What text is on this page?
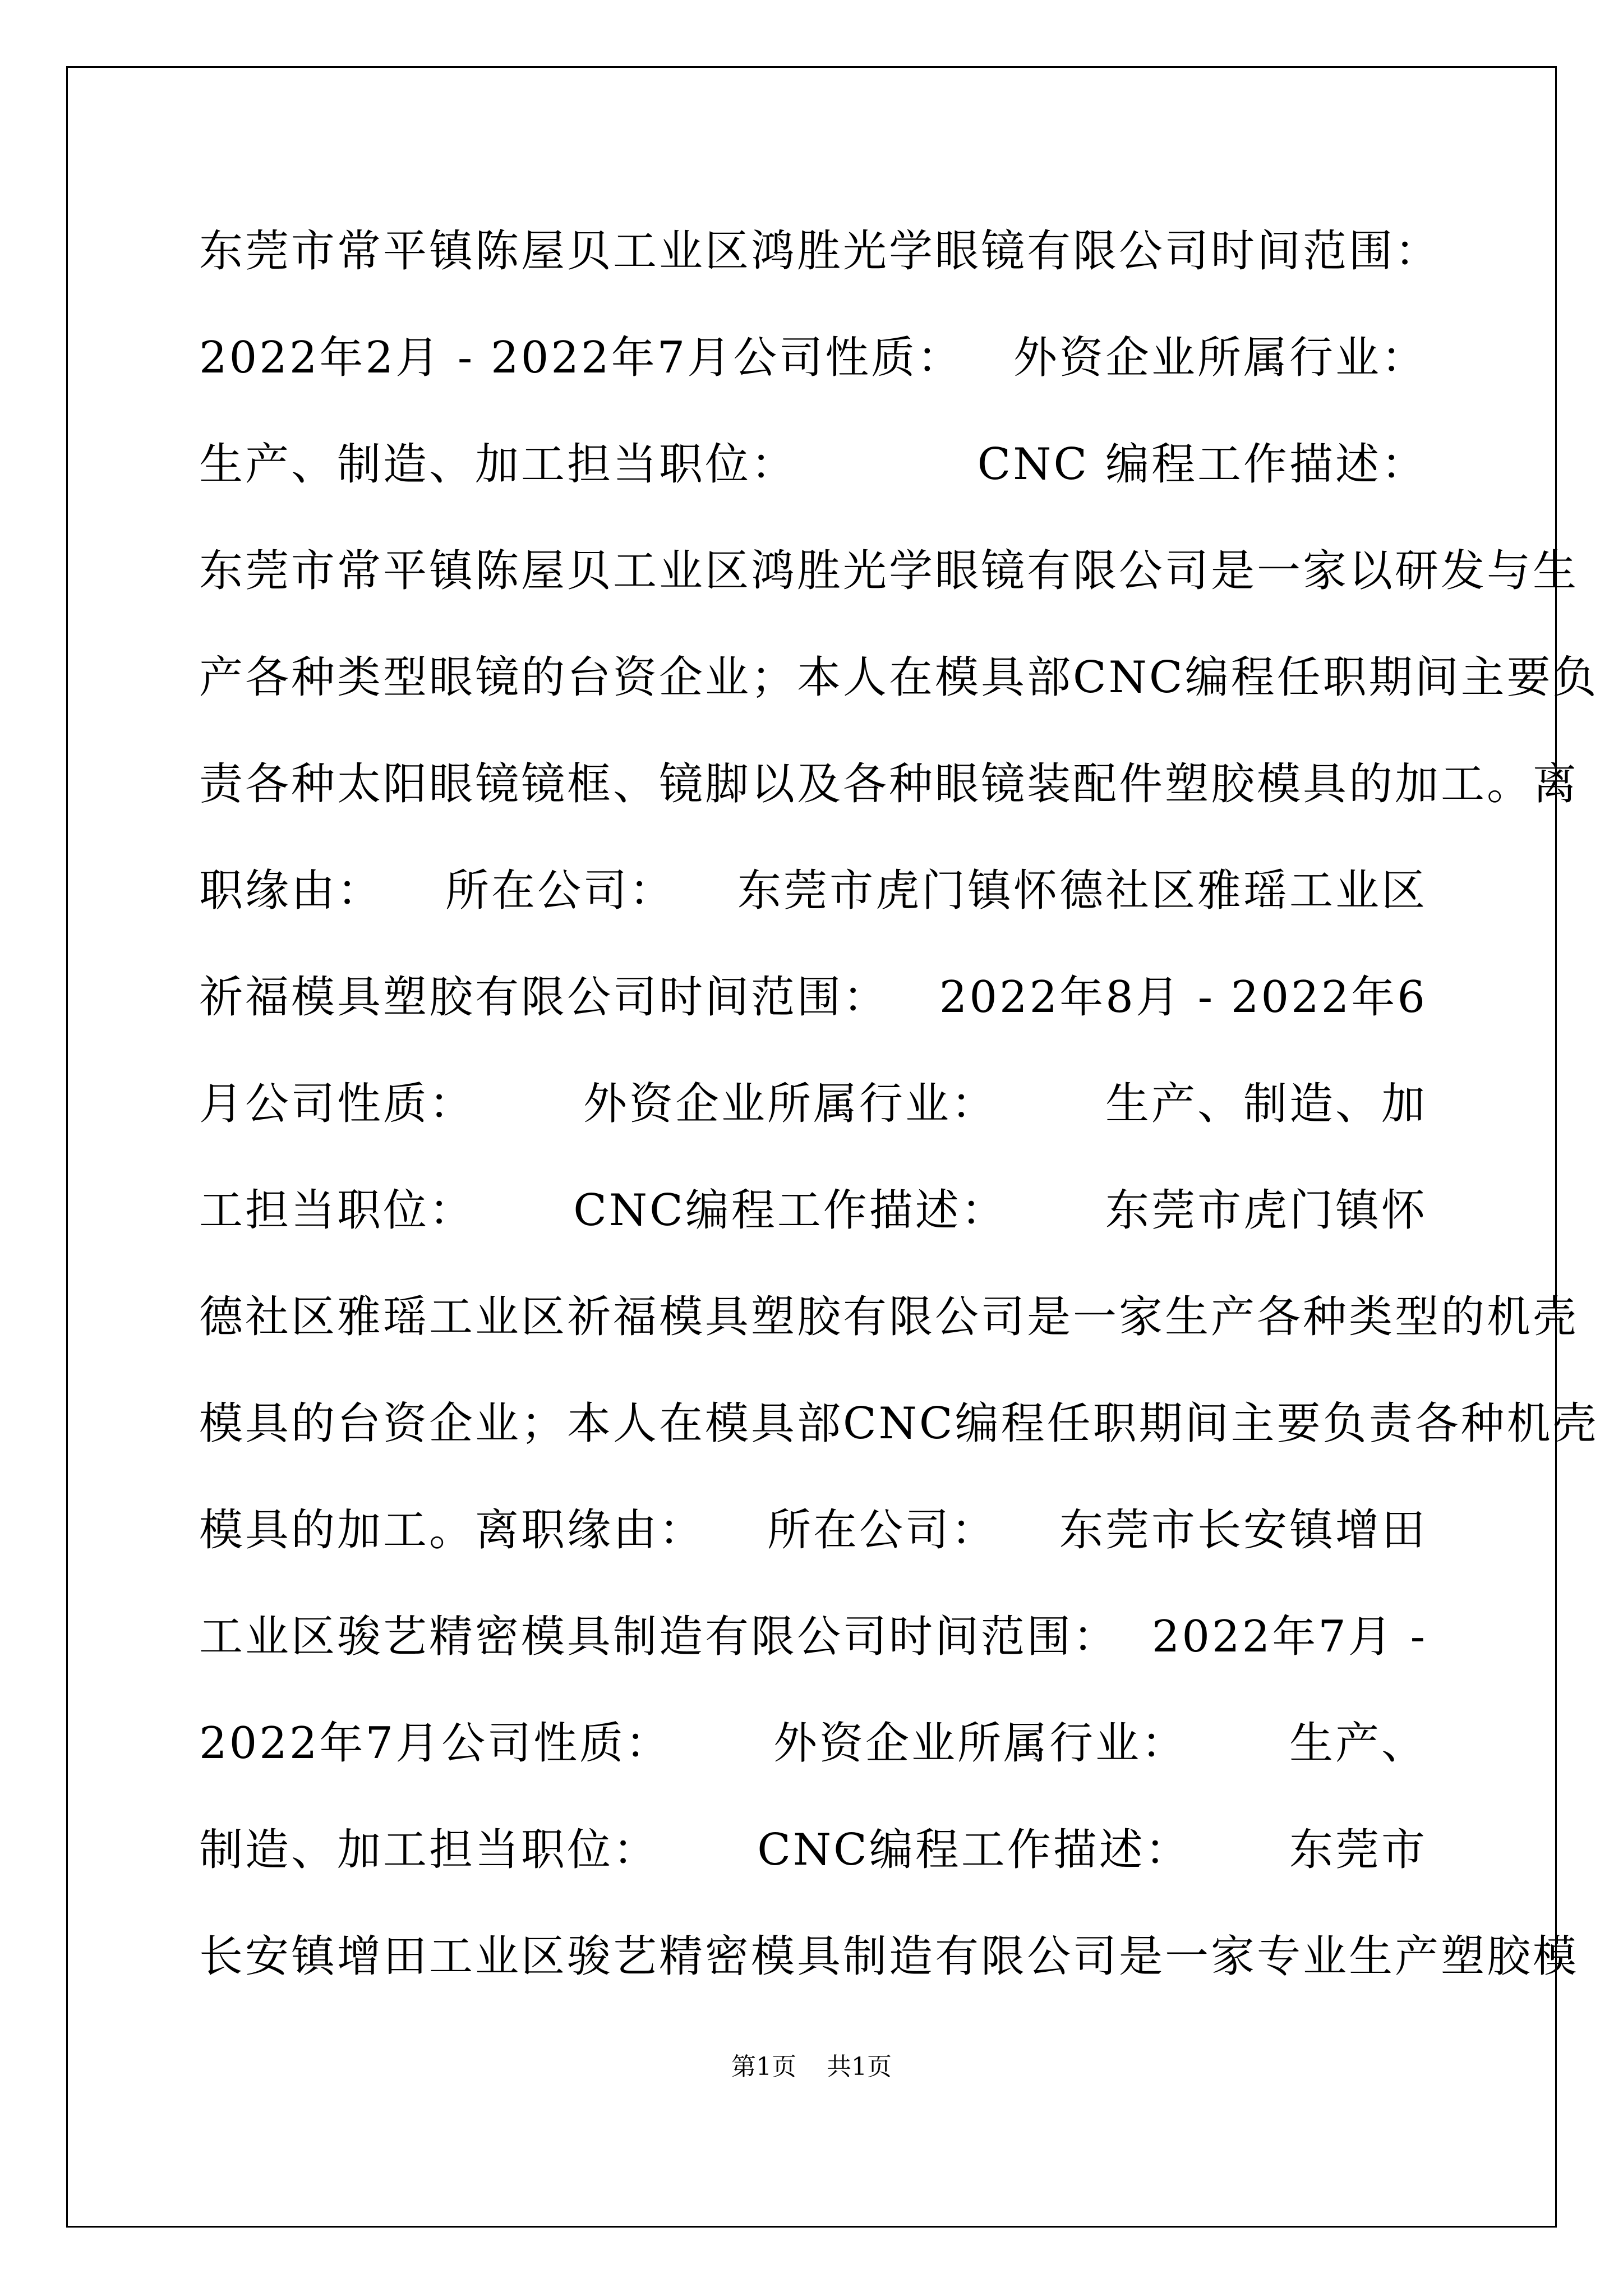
东莞市常平镇陈屋贝工业区鸿胜光学眼镜有限公司时间范围：
2022年2月 - 2022年7月公司性质： 外资企业所属行业：
生产、制造、加工担当职位：	CNC 编程工作描述：
东莞市常平镇陈屋贝工业区鸿胜光学眼镜有限公司是一家以研发与生
产各种类型眼镜的台资企业；本人在模具部CNC编程任职期间主要负
责各种太阳眼镜镜框、镜脚以及各种眼镜装配件塑胶模具的加工。离
职缘由： 所在公司： 东莞市虎门镇怀德社区雅瑶工业区
祈福模具塑胶有限公司时间范围： 2022年8月 - 2022年6
月公司性质： 外资企业所属行业： 生产、制造、加
工担当职位： CNC编程工作描述： 东莞市虎门镇怀
德社区雅瑶工业区祈福模具塑胶有限公司是一家生产各种类型的机壳
模具的台资企业；本人在模具部CNC编程任职期间主要负责各种机壳
模具的加工。离职缘由： 所在公司： 东莞市长安镇增田
工业区骏艺精密模具制造有限公司时间范围： 2022年7月 -
2022年7月公司性质： 外资企业所属行业： 生产、
制造、加工担当职位： CNC编程工作描述： 东莞市
长安镇增田工业区骏艺精密模具制造有限公司是一家专业生产塑胶模
第1页 共1页
